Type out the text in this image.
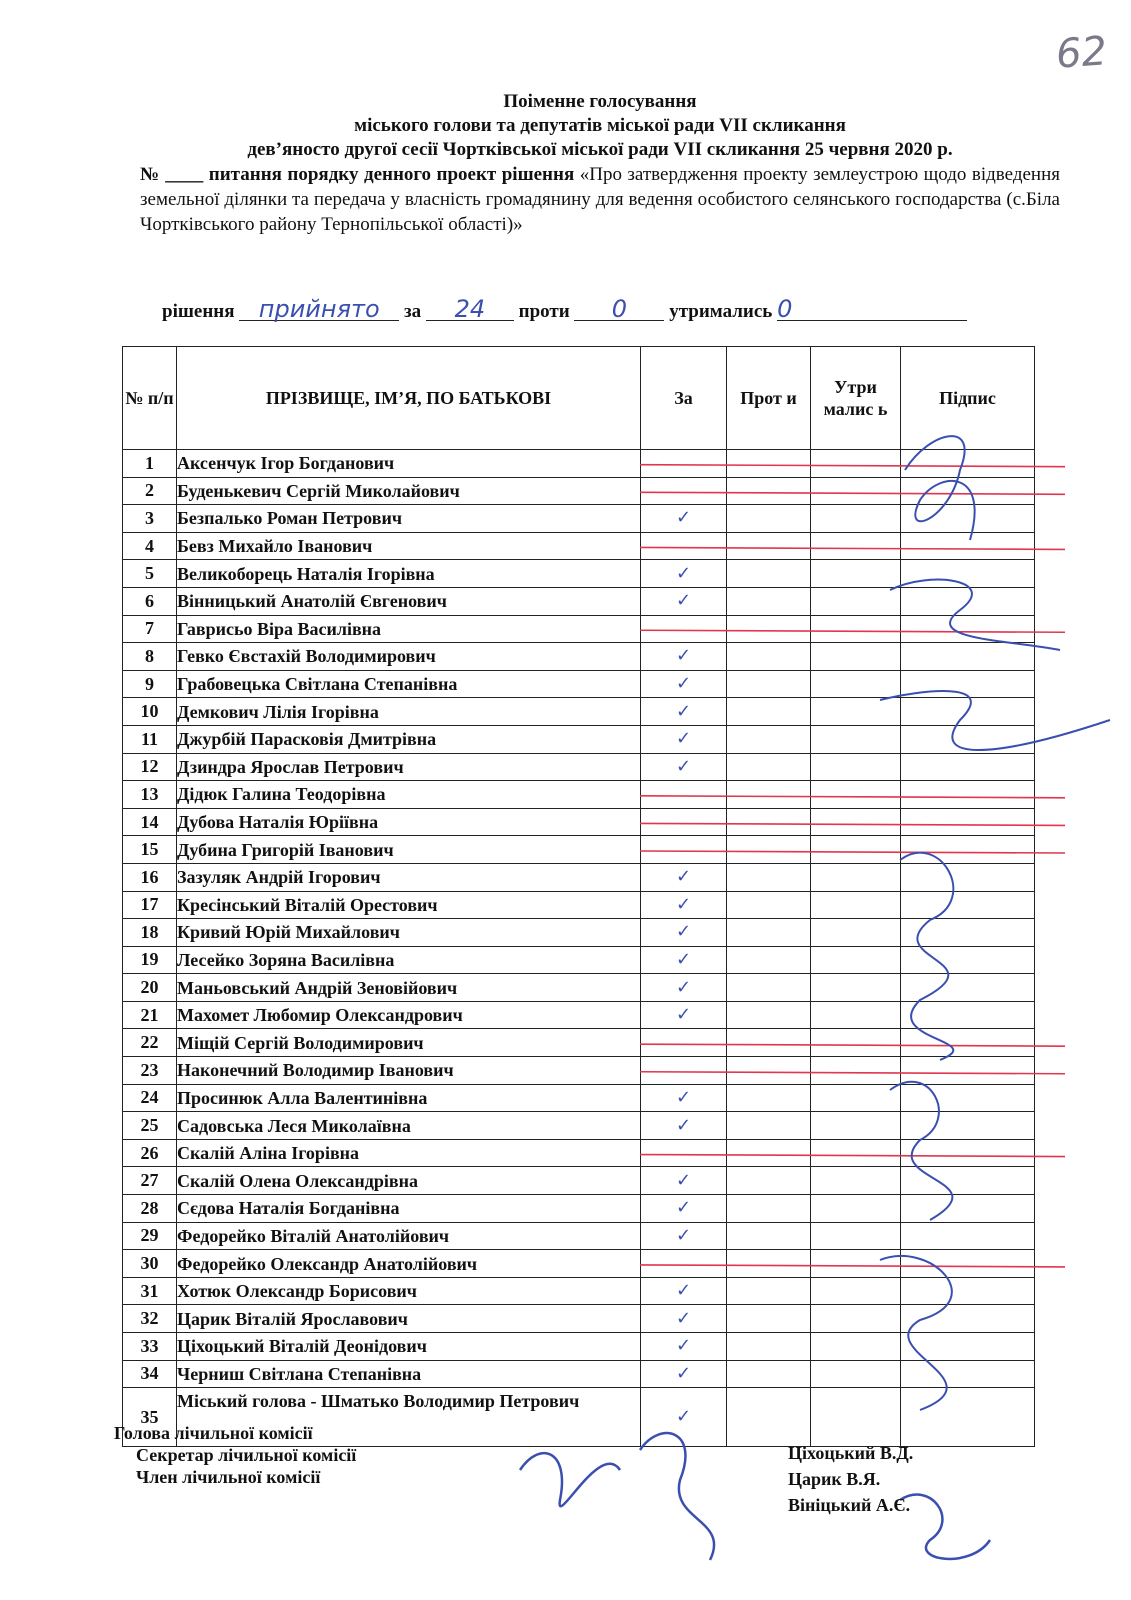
62
Поіменне голосування
міського голови та депутатів міської ради VII скликання
дев’яносто другої сесії Чортківської міської ради VII скликання 25 червня 2020 р.
№ ____ питання порядку денного проект рішення «Про затвердження проекту землеустрою щодо відведення земельної ділянки та передача у власність громадянину для ведення особистого селянського господарства (с.Біла Чортківського району Тернопільської області)»
рішення прийнято за 24 проти 0 утримались 0
№ п/п	ПРІЗВИЩЕ, ІМ’Я, ПО БАТЬКОВІ	За	Прот и	Утри малис ь	Підпис
1	Аксенчук Ігор Богданович				
2	Буденькевич Сергій Миколайович				
3	Безпалько Роман Петрович	✓			
4	Бевз Михайло Іванович				
5	Великоборець Наталія Ігорівна	✓			
6	Вінницький Анатолій Євгенович	✓			
7	Гаврисьо Віра Василівна				
8	Гевко Євстахій Володимирович	✓			
9	Грабовецька Світлана Степанівна	✓			
10	Демкович Лілія Ігорівна	✓			
11	Джурбій Парасковія Дмитрівна	✓			
12	Дзиндра Ярослав Петрович	✓			
13	Дідюк Галина Теодорівна				
14	Дубова Наталія Юріївна				
15	Дубина Григорій Іванович				
16	Зазуляк Андрій Ігорович	✓			
17	Кресінський Віталій Орестович	✓			
18	Кривий Юрій Михайлович	✓			
19	Лесейко Зоряна Василівна	✓			
20	Маньовський Андрій Зеновійович	✓			
21	Махомет Любомир Олександрович	✓			
22	Міщій Сергій Володимирович				
23	Наконечний Володимир Іванович				
24	Просинюк Алла Валентинівна	✓			
25	Садовська Леся Миколаївна	✓			
26	Скалій Аліна Ігорівна				
27	Скалій Олена Олександрівна	✓			
28	Сєдова Наталія Богданівна	✓			
29	Федорейко Віталій Анатолійович	✓			
30	Федорейко Олександр Анатолійович				
31	Хотюк Олександр Борисович	✓			
32	Царик Віталій Ярославович	✓			
33	Ціхоцький Віталій Деонідович	✓			
34	Черниш Світлана Степанівна	✓			
35	Міський голова - Шматько Володимир Петрович	✓			
Голова лічильної комісії
Секретар лічильної комісії
Член лічильної комісії
Ціхоцький В.Д.
Царик В.Я.
Вініцький А.Є.
